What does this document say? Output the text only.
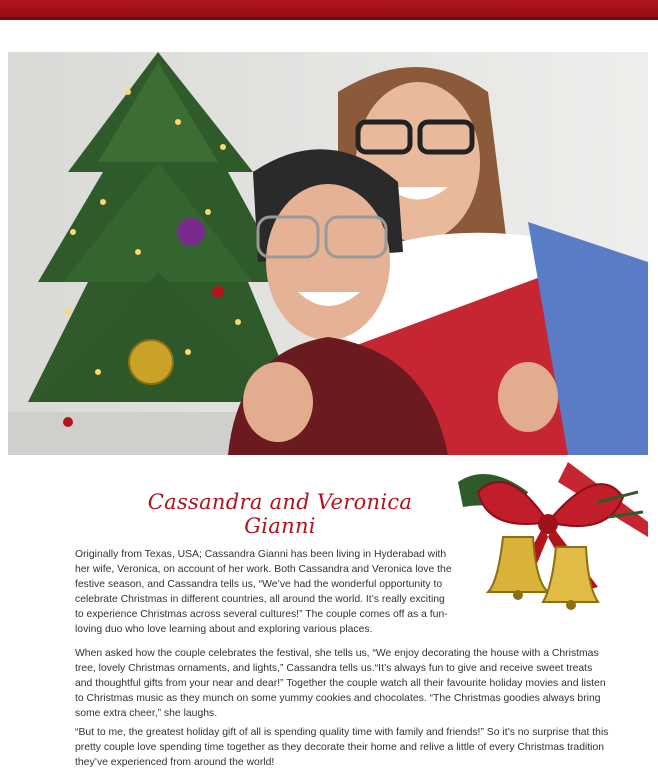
Cassandra and Veronica Gianni

Originally from Texas, USA; Cassandra Gianni has been living in Hyderabad with her wife, Veronica, on account of her work. Both Cassandra and Veronica love the festive season, and Cassandra tells us, “We’ve had the wonderful opportunity to celebrate Christmas in different countries, all around the world. It’s really exciting to experience Christmas across several cultures!” The couple comes off as a fun-loving duo who love learning about and exploring various places.

When asked how the couple celebrates the festival, she tells us, “We enjoy decorating the house with a Christmas tree, lovely Christmas ornaments, and lights,” Cassandra tells us.“It’s always fun to give and receive sweet treats and thoughtful gifts from your near and dear!” Together the couple watch all their favourite holiday movies and listen to Christmas music as they munch on some yummy cookies and chocolates. “The Christmas goodies always bring some extra cheer,” she laughs.

“But to me, the greatest holiday gift of all is spending quality time with family and friends!” So it’s no surprise that this pretty couple love spending time together as they decorate their home and relive a little of every Christmas tradition they’ve experienced from around the world!
